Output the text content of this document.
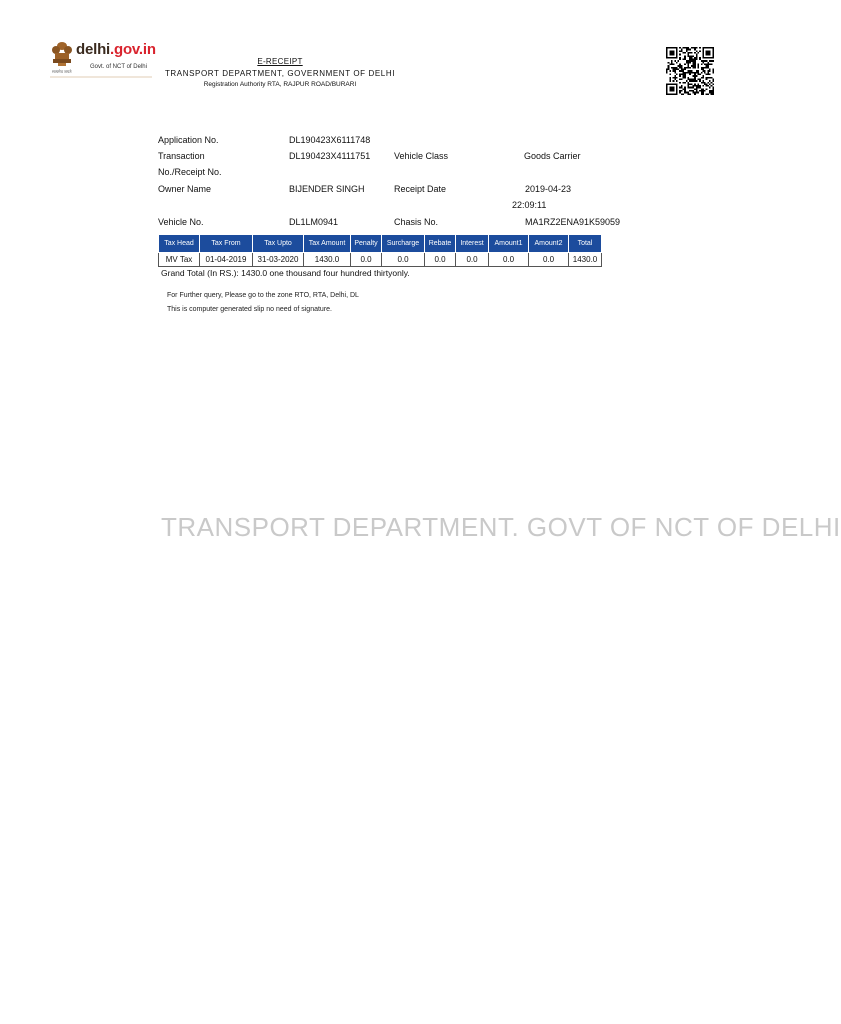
delhi.gov.in
Govt. of NCT of Delhi
सत्यमेव जयते
E-RECEIPT
TRANSPORT DEPARTMENT, GOVERNMENT OF DELHI
Registration Authority RTA, RAJPUR ROAD/BURARI
Application No.	DL190423X6111748
Transaction
No./Receipt No.
DL190423X4111751	Vehicle Class	Goods Carrier
Owner Name	BIJENDER SINGH	Receipt Date	2019-04-23
22:09:11
Vehicle No.	DL1LM0941	Chasis No.	MA1RZ2ENA91K59059
Tax Head	Tax From	Tax Upto	Tax Amount	Penalty	Surcharge	Rebate	Interest	Amount1	Amount2	Total
MV Tax	01-04-2019	31-03-2020	1430.0	0.0	0.0	0.0	0.0	0.0	0.0	1430.0
Grand Total (In RS.): 1430.0 one thousand four hundred thirtyonly.
For Further query, Please go to the zone RTO, RTA, Delhi, DL
This is computer generated slip no need of signature.
TRANSPORT DEPARTMENT. GOVT OF NCT OF DELHI
